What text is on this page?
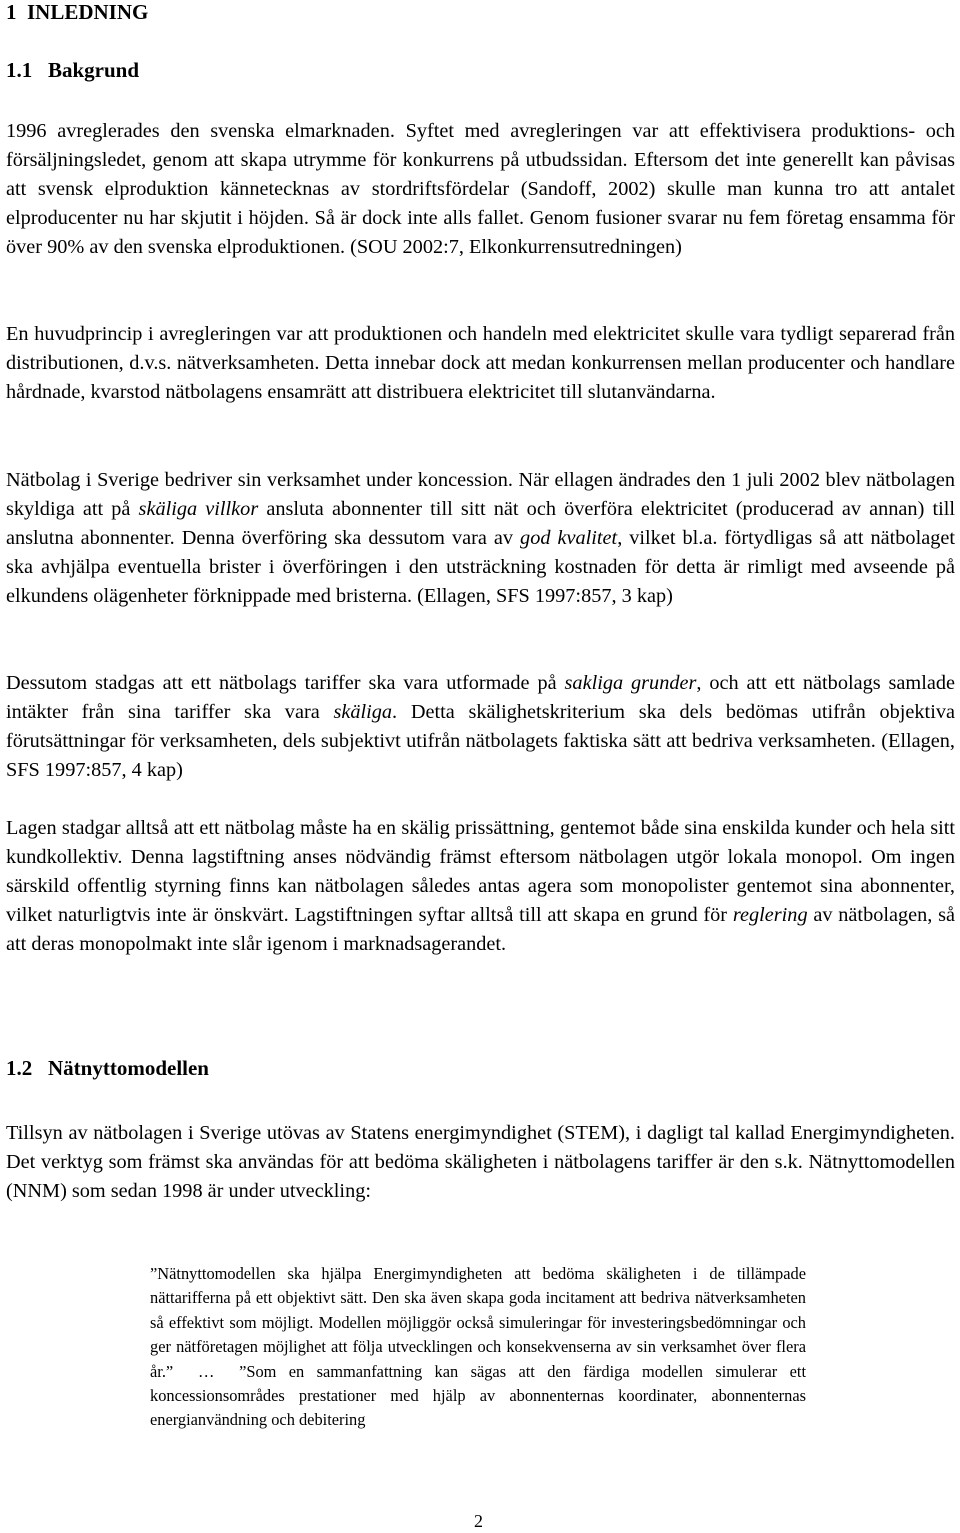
1 INLEDNING
1.1 Bakgrund

1996 avreglerades den svenska elmarknaden. Syftet med avregleringen var att effektivisera produktions- och försäljningsledet, genom att skapa utrymme för konkurrens på utbudssidan. Eftersom det inte generellt kan påvisas att svensk elproduktion kännetecknas av stordriftsfördelar (Sandoff, 2002) skulle man kunna tro att antalet elproducenter nu har skjutit i höjden. Så är dock inte alls fallet. Genom fusioner svarar nu fem företag ensamma för över 90% av den svenska elproduktionen. (SOU 2002:7, Elkonkurrensutredningen)

En huvudprincip i avregleringen var att produktionen och handeln med elektricitet skulle vara tydligt separerad från distributionen, d.v.s. nätverksamheten. Detta innebar dock att medan konkurrensen mellan producenter och handlare hårdnade, kvarstod nätbolagens ensamrätt att distribuera elektricitet till slutanvändarna.

Nätbolag i Sverige bedriver sin verksamhet under koncession. När ellagen ändrades den 1 juli 2002 blev nätbolagen skyldiga att på skäliga villkor ansluta abonnenter till sitt nät och överföra elektricitet (producerad av annan) till anslutna abonnenter. Denna överföring ska dessutom vara av god kvalitet, vilket bl.a. förtydligas så att nätbolaget ska avhjälpa eventuella brister i överföringen i den utsträckning kostnaden för detta är rimligt med avseende på elkundens olägenheter förknippade med bristerna. (Ellagen, SFS 1997:857, 3 kap)

Dessutom stadgas att ett nätbolags tariffer ska vara utformade på sakliga grunder, och att ett nätbolags samlade intäkter från sina tariffer ska vara skäliga. Detta skälighetskriterium ska dels bedömas utifrån objektiva förutsättningar för verksamheten, dels subjektivt utifrån nätbolagets faktiska sätt att bedriva verksamheten. (Ellagen, SFS 1997:857, 4 kap)

Lagen stadgar alltså att ett nätbolag måste ha en skälig prissättning, gentemot både sina enskilda kunder och hela sitt kundkollektiv. Denna lagstiftning anses nödvändig främst eftersom nätbolagen utgör lokala monopol. Om ingen särskild offentlig styrning finns kan nätbolagen således antas agera som monopolister gentemot sina abonnenter, vilket naturligtvis inte är önskvärt. Lagstiftningen syftar alltså till att skapa en grund för reglering av nätbolagen, så att deras monopolmakt inte slår igenom i marknadsagerandet.

1.2 Nätnyttomodellen

Tillsyn av nätbolagen i Sverige utövas av Statens energimyndighet (STEM), i dagligt tal kallad Energimyndigheten. Det verktyg som främst ska användas för att bedöma skäligheten i nätbolagens tariffer är den s.k. Nätnyttomodellen (NNM) som sedan 1998 är under utveckling:

”Nätnyttomodellen ska hjälpa Energimyndigheten att bedöma skäligheten i de tillämpade nättarifferna på ett objektivt sätt. Den ska även skapa goda incitament att bedriva nätverksamheten så effektivt som möjligt. Modellen möjliggör också simuleringar för investeringsbedömningar och ger nätföretagen möjlighet att följa utvecklingen och konsekvenserna av sin verksamhet över flera år.” … ”Som en sammanfattning kan sägas att den färdiga modellen simulerar ett koncessionsområdes prestationer med hjälp av abonnenternas koordinater, abonnenternas energianvändning och debitering

2
